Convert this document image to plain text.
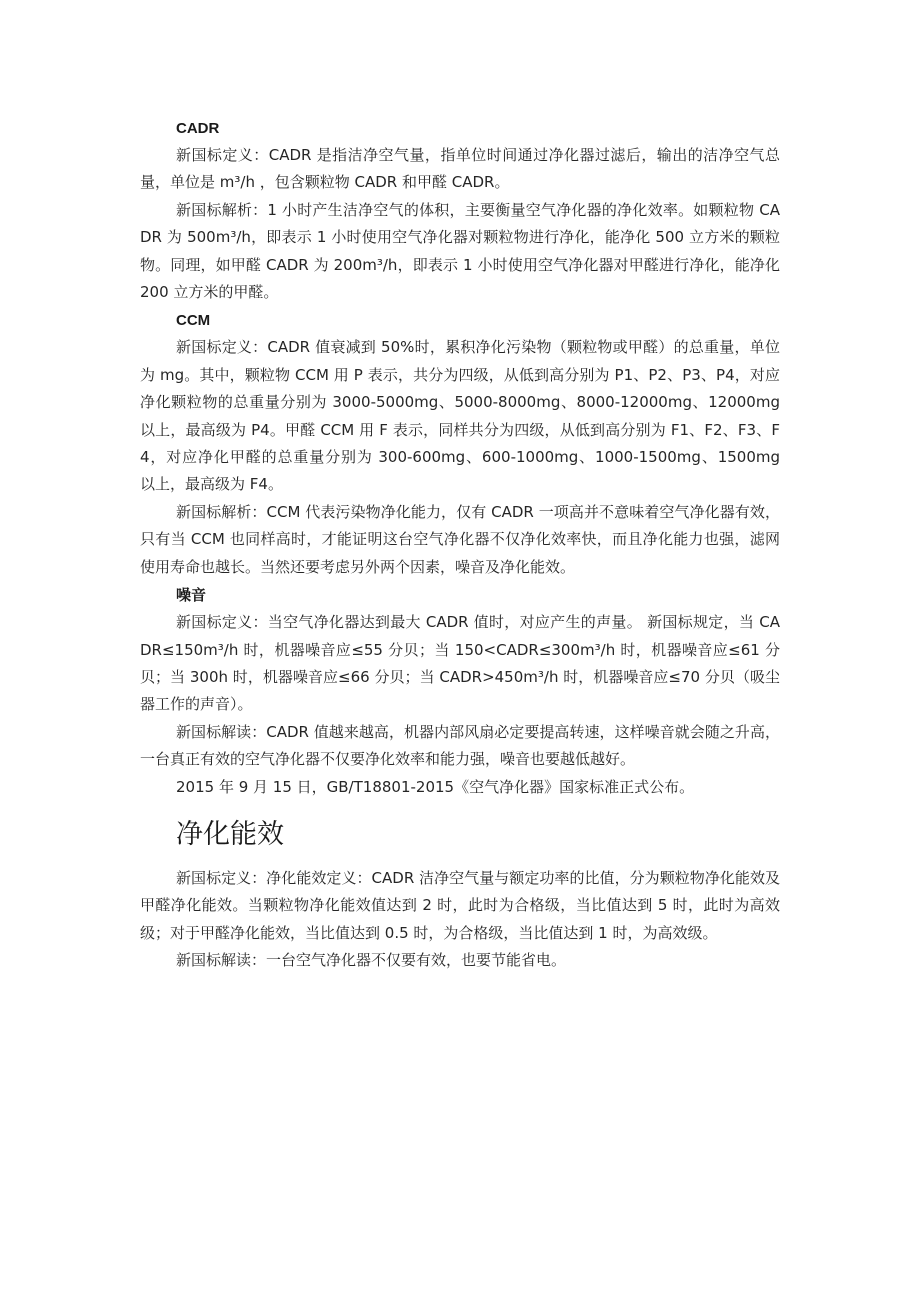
CADR

新国标定义：CADR 是指洁净空气量，指单位时间通过净化器过滤后，输出的洁净空气总量，单位是 m³/h ，包含颗粒物 CADR 和甲醛 CADR。

新国标解析：1 小时产生洁净空气的体积，主要衡量空气净化器的净化效率。如颗粒物 CADR 为 500m³/h，即表示 1 小时使用空气净化器对颗粒物进行净化，能净化 500 立方米的颗粒物。同理，如甲醛 CADR 为 200m³/h，即表示 1 小时使用空气净化器对甲醛进行净化，能净化 200 立方米的甲醛。

CCM

新国标定义：CADR 值衰减到 50%时，累积净化污染物（颗粒物或甲醛）的总重量，单位为 mg。其中，颗粒物 CCM 用 P 表示，共分为四级，从低到高分别为 P1、P2、P3、P4，对应净化颗粒物的总重量分别为 3000-5000mg、5000-8000mg、8000-12000mg、12000mg 以上，最高级为 P4。甲醛 CCM 用 F 表示，同样共分为四级，从低到高分别为 F1、F2、F3、F4，对应净化甲醛的总重量分别为 300-600mg、600-1000mg、1000-1500mg、1500mg 以上，最高级为 F4。

新国标解析：CCM 代表污染物净化能力，仅有 CADR 一项高并不意味着空气净化器有效，只有当 CCM 也同样高时，才能证明这台空气净化器不仅净化效率快，而且净化能力也强，滤网使用寿命也越长。当然还要考虑另外两个因素，噪音及净化能效。

噪音

新国标定义：当空气净化器达到最大 CADR 值时，对应产生的声量。 新国标规定，当 CADR≤150m³/h 时，机器噪音应≤55 分贝；当 150<CADR≤300m³/h 时，机器噪音应≤61 分贝；当 300h 时，机器噪音应≤66 分贝；当 CADR>450m³/h 时，机器噪音应≤70 分贝（吸尘器工作的声音）。

新国标解读：CADR 值越来越高，机器内部风扇必定要提高转速，这样噪音就会随之升高，一台真正有效的空气净化器不仅要净化效率和能力强，噪音也要越低越好。

2015 年 9 月 15 日，GB/T18801-2015《空气净化器》国家标准正式公布。

净化能效

新国标定义：净化能效定义：CADR 洁净空气量与额定功率的比值，分为颗粒物净化能效及甲醛净化能效。当颗粒物净化能效值达到 2 时，此时为合格级，当比值达到 5 时，此时为高效级；对于甲醛净化能效，当比值达到 0.5 时，为合格级，当比值达到 1 时，为高效级。

新国标解读：一台空气净化器不仅要有效，也要节能省电。
